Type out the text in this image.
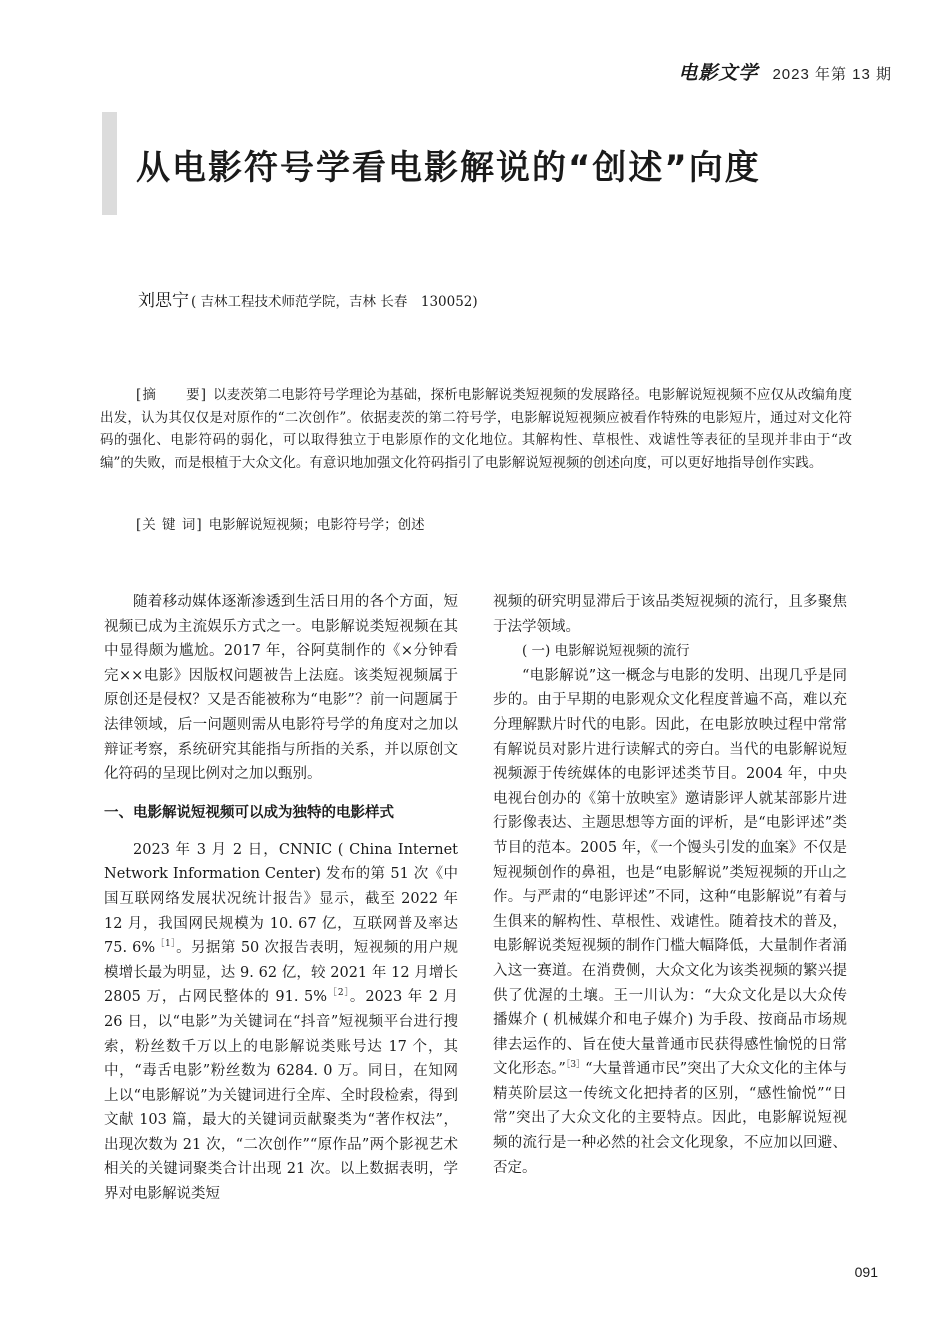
电影文学 2023 年第 13 期
从电影符号学看电影解说的“创述”向度
刘思宁 ( 吉林工程技术师范学院，吉林 长春　130052)

[摘　　要] 以麦茨第二电影符号学理论为基础，探析电影解说类短视频的发展路径。电影解说短视频不应仅从改编角度出发，认为其仅仅是对原作的“二次创作”。依据麦茨的第二符号学，电影解说短视频应被看作特殊的电影短片，通过对文化符码的强化、电影符码的弱化，可以取得独立于电影原作的文化地位。其解构性、草根性、戏谑性等表征的呈现并非由于“改编”的失败，而是根植于大众文化。有意识地加强文化符码指引了电影解说短视频的创述向度，可以更好地指导创作实践。

[关 键 词] 电影解说短视频；电影符号学；创述

随着移动媒体逐渐渗透到生活日用的各个方面，短视频已成为主流娱乐方式之一。电影解说类短视频在其中显得颇为尴尬。2017 年，谷阿莫制作的《×分钟看完××电影》因版权问题被告上法庭。该类短视频属于原创还是侵权？又是否能被称为“电影”？前一问题属于法律领域，后一问题则需从电影符号学的角度对之加以辩证考察，系统研究其能指与所指的关系，并以原创文化符码的呈现比例对之加以甄别。

一、电影解说短视频可以成为独特的电影样式

2023 年 3 月 2 日，CNNIC ( China Internet Network Information Center) 发布的第 51 次《中国互联网络发展状况统计报告》显示，截至 2022 年 12 月，我国网民规模为 10. 67 亿，互联网普及率达 75. 6%$^{[1]}$。另据第 50 次报告表明，短视频的用户规模增长最为明显，达 9. 62 亿，较 2021 年 12 月增长 2805 万，占网民整体的 91. 5%$^{[2]}$。2023 年 2 月 26 日，以“电影”为关键词在“抖音”短视频平台进行搜索，粉丝数千万以上的电影解说类账号达 17 个，其中，“毒舌电影”粉丝数为 6284. 0 万。同日，在知网上以“电影解说”为关键词进行全库、全时段检索，得到文献 103 篇，最大的关键词贡献聚类为“著作权法”，出现次数为 21 次，“二次创作”“原作品”两个影视艺术相关的关键词聚类合计出现 21 次。以上数据表明，学界对电影解说类短

视频的研究明显滞后于该品类短视频的流行，且多聚焦于法学领域。

( 一) 电影解说短视频的流行

“电影解说”这一概念与电影的发明、出现几乎是同步的。由于早期的电影观众文化程度普遍不高，难以充分理解默片时代的电影。因此，在电影放映过程中常常有解说员对影片进行读解式的旁白。当代的电影解说短视频源于传统媒体的电影评述类节目。2004 年，中央电视台创办的《第十放映室》邀请影评人就某部影片进行影像表达、主题思想等方面的评析，是“电影评述”类节目的范本。2005 年，《一个馒头引发的血案》不仅是短视频创作的鼻祖，也是“电影解说”类短视频的开山之作。与严肃的“电影评述”不同，这种“电影解说”有着与生俱来的解构性、草根性、戏谑性。随着技术的普及，电影解说类短视频的制作门槛大幅降低，大量制作者涌入这一赛道。在消费侧，大众文化为该类视频的繁兴提供了优渥的土壤。王一川认为：“大众文化是以大众传播媒介 ( 机械媒介和电子媒介) 为手段、按商品市场规律去运作的、旨在使大量普通市民获得感性愉悦的日常文化形态。”$^{[3]}$“大量普通市民”突出了大众文化的主体与精英阶层这一传统文化把持者的区别，“感性愉悦”“日常”突出了大众文化的主要特点。因此，电影解说短视频的流行是一种必然的社会文化现象，不应加以回避、否定。

091
